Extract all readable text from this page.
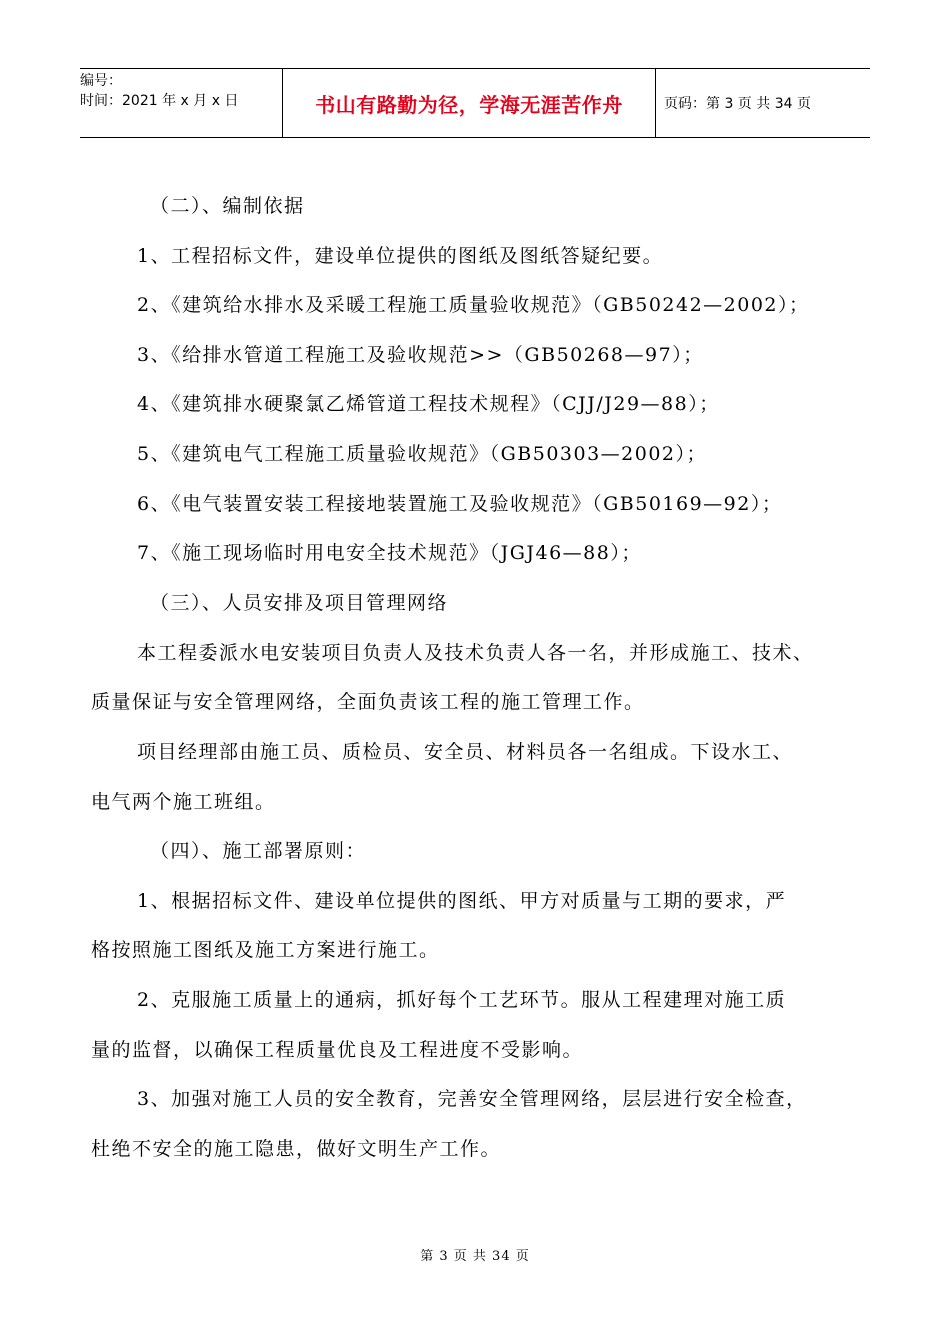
编号：
时间：2021 年 x 月 x 日	书山有路勤为径，学海无涯苦作舟	页码：第 3 页 共 34 页
（二）、编制依据
1、工程招标文件，建设单位提供的图纸及图纸答疑纪要。
2、《建筑给水排水及采暖工程施工质量验收规范》（GB50242—2002）；
3、《给排水管道工程施工及验收规范>>（GB50268—97）；
4、《建筑排水硬聚氯乙烯管道工程技术规程》（CJJ/J29—88）；
5、《建筑电气工程施工质量验收规范》（GB50303—2002）；
6、《电气装置安装工程接地装置施工及验收规范》（GB50169—92）；
7、《施工现场临时用电安全技术规范》（JGJ46—88）；
（三）、人员安排及项目管理网络
本工程委派水电安装项目负责人及技术负责人各一名，并形成施工、技术、
质量保证与安全管理网络，全面负责该工程的施工管理工作。
项目经理部由施工员、质检员、安全员、材料员各一名组成。下设水工、
电气两个施工班组。
（四）、施工部署原则：
1、根据招标文件、建设单位提供的图纸、甲方对质量与工期的要求，严
格按照施工图纸及施工方案进行施工。
2、克服施工质量上的通病，抓好每个工艺环节。服从工程建理对施工质
量的监督，以确保工程质量优良及工程进度不受影响。
3、加强对施工人员的安全教育，完善安全管理网络，层层进行安全检查，
杜绝不安全的施工隐患，做好文明生产工作。
第 3 页 共 34 页
